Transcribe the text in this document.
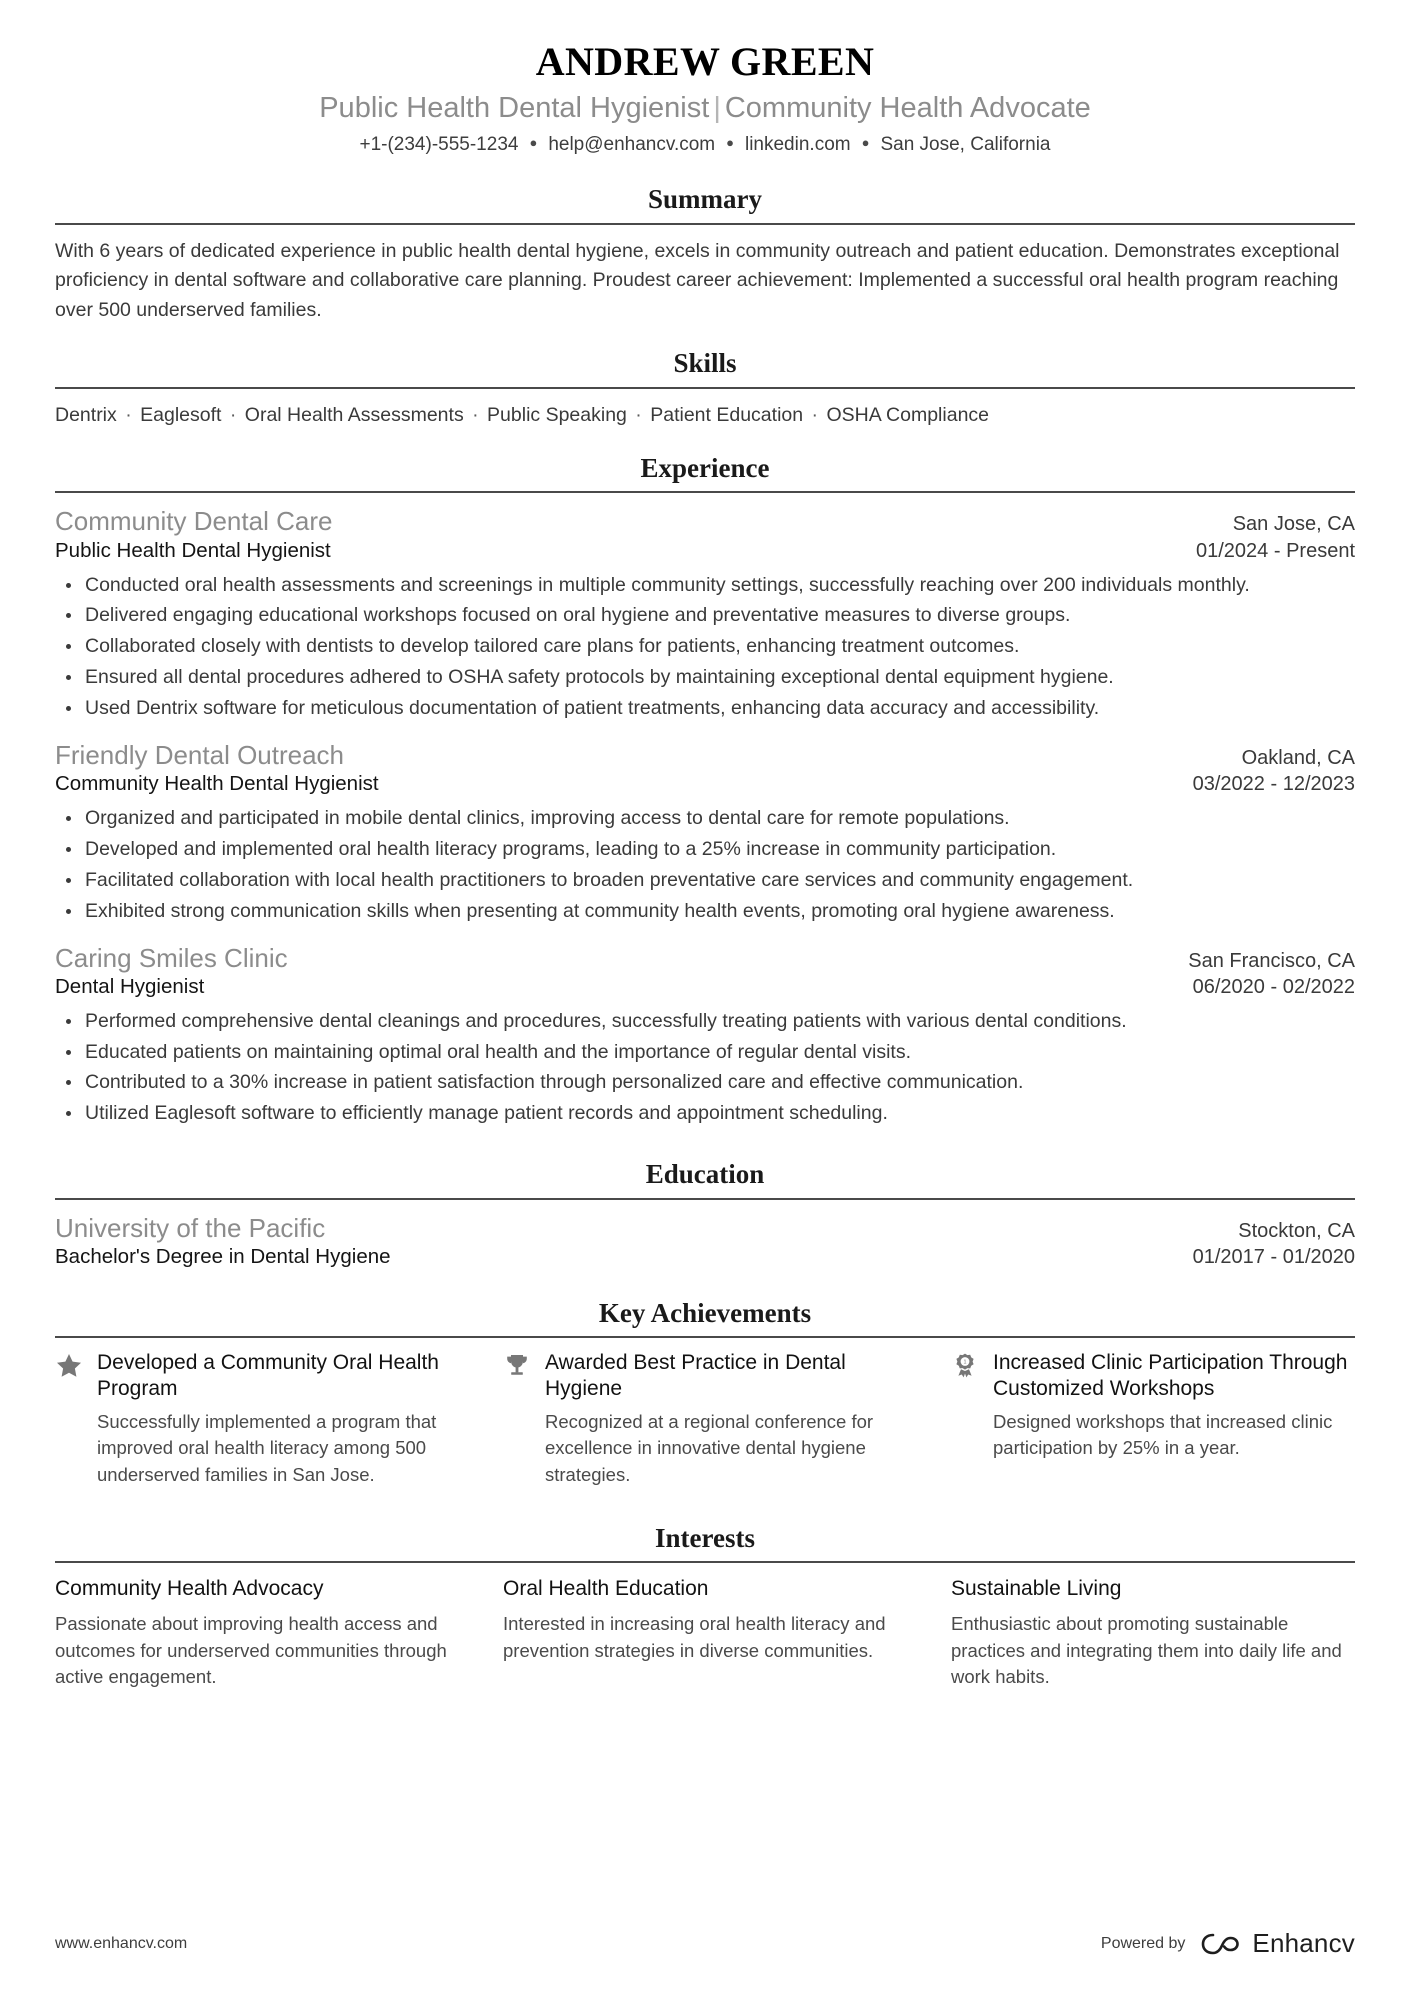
ANDREW GREEN
Public Health Dental Hygienist | Community Health Advocate
+1-(234)-555-1234 ● help@enhancv.com ● linkedin.com ● San Jose, California
Summary

With 6 years of dedicated experience in public health dental hygiene, excels in community outreach and patient education. Demonstrates exceptional proficiency in dental software and collaborative care planning. Proudest career achievement: Implemented a successful oral health program reaching over 500 underserved families.

Skills
Dentrix · Eaglesoft · Oral Health Assessments · Public Speaking · Patient Education · OSHA Compliance
Experience
Community Dental Care	San Jose, CA
Public Health Dental Hygienist	01/2024 - Present
Conducted oral health assessments and screenings in multiple community settings, successfully reaching over 200 individuals monthly.
Delivered engaging educational workshops focused on oral hygiene and preventative measures to diverse groups.
Collaborated closely with dentists to develop tailored care plans for patients, enhancing treatment outcomes.
Ensured all dental procedures adhered to OSHA safety protocols by maintaining exceptional dental equipment hygiene.
Used Dentrix software for meticulous documentation of patient treatments, enhancing data accuracy and accessibility.
Friendly Dental Outreach	Oakland, CA
Community Health Dental Hygienist	03/2022 - 12/2023
Organized and participated in mobile dental clinics, improving access to dental care for remote populations.
Developed and implemented oral health literacy programs, leading to a 25% increase in community participation.
Facilitated collaboration with local health practitioners to broaden preventative care services and community engagement.
Exhibited strong communication skills when presenting at community health events, promoting oral hygiene awareness.
Caring Smiles Clinic	San Francisco, CA
Dental Hygienist	06/2020 - 02/2022
Performed comprehensive dental cleanings and procedures, successfully treating patients with various dental conditions.
Educated patients on maintaining optimal oral health and the importance of regular dental visits.
Contributed to a 30% increase in patient satisfaction through personalized care and effective communication.
Utilized Eaglesoft software to efficiently manage patient records and appointment scheduling.
Education
University of the Pacific	Stockton, CA
Bachelor's Degree in Dental Hygiene	01/2017 - 01/2020
Key Achievements
Developed a Community Oral Health Program
Successfully implemented a program that improved oral health literacy among 500 underserved families in San Jose.
Awarded Best Practice in Dental Hygiene
Recognized at a regional conference for excellence in innovative dental hygiene strategies.
1 Increased Clinic Participation Through Customized Workshops
Designed workshops that increased clinic participation by 25% in a year.
Interests
Community Health Advocacy
Passionate about improving health access and outcomes for underserved communities through active engagement.
Oral Health Education
Interested in increasing oral health literacy and prevention strategies in diverse communities.
Sustainable Living
Enthusiastic about promoting sustainable practices and integrating them into daily life and work habits.
www.enhancv.com	Powered by	Enhancv
